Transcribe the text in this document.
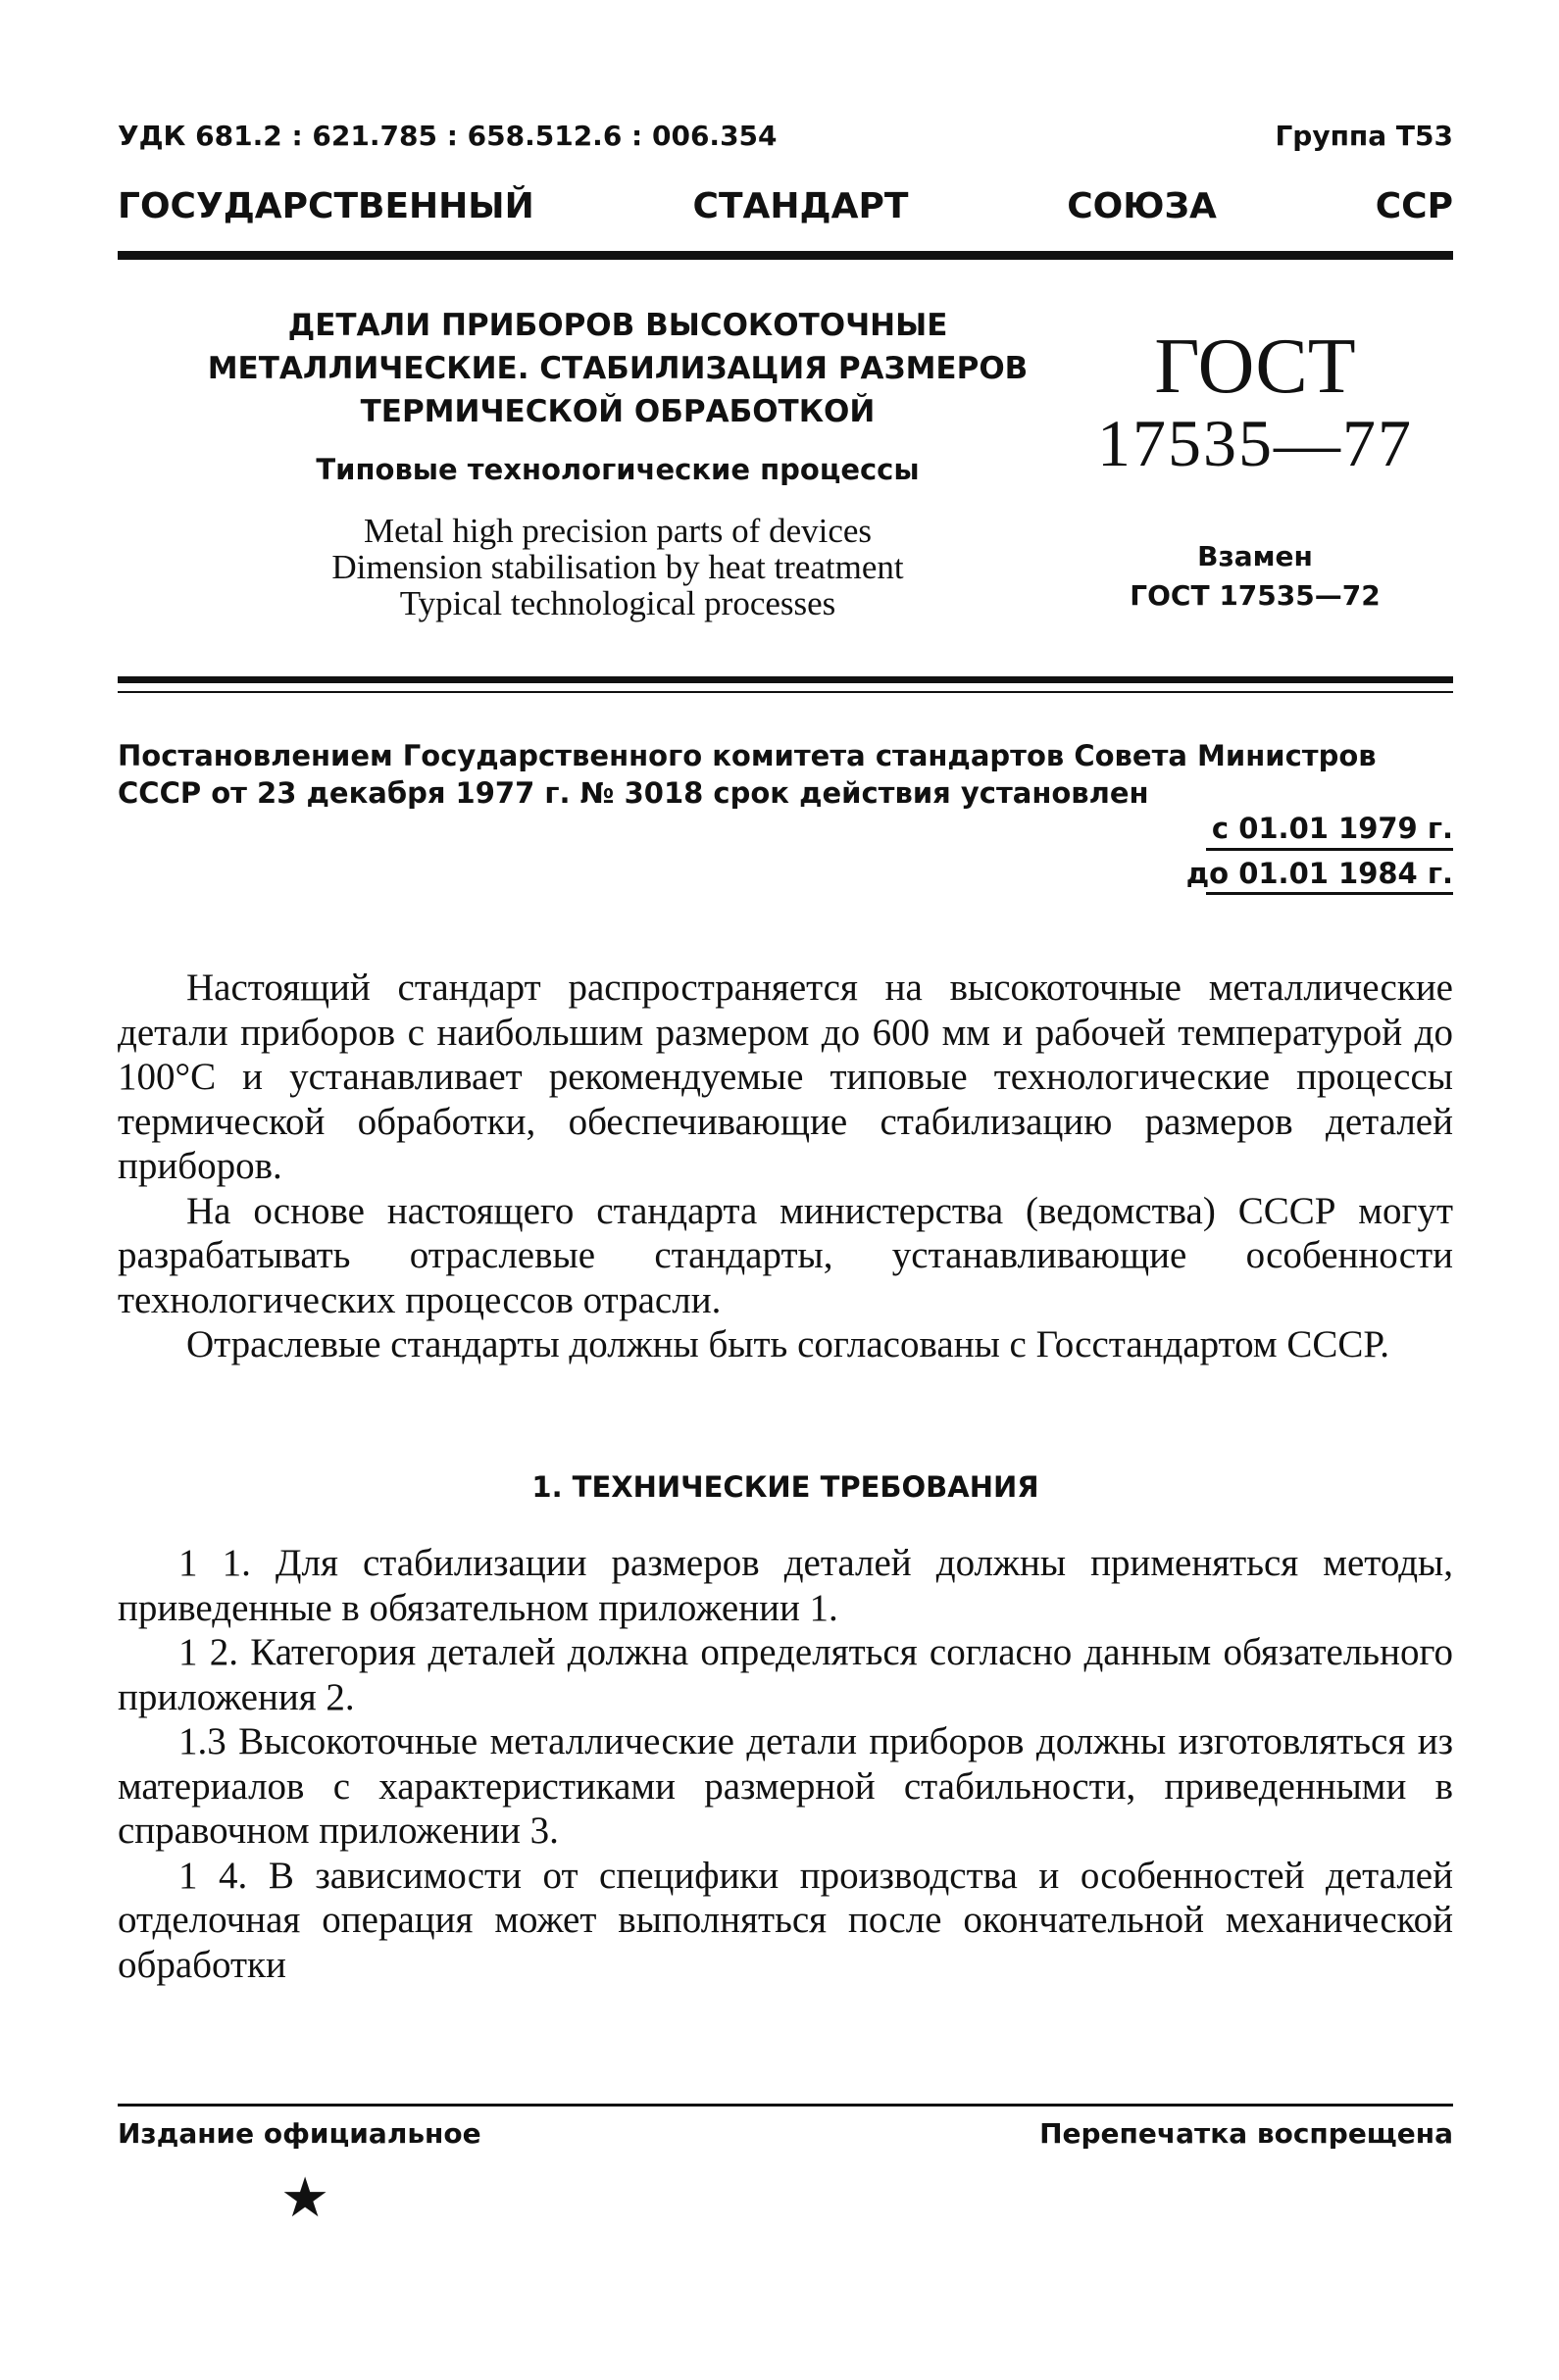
УДК 681.2 : 621.785 : 658.512.6 : 006.354	Группа Т53
ГОСУДАРСТВЕННЫЙ	СТАНДАРТ	СОЮЗА	ССР
ДЕТАЛИ ПРИБОРОВ ВЫСОКОТОЧНЫЕ
МЕТАЛЛИЧЕСКИЕ. СТАБИЛИЗАЦИЯ РАЗМЕРОВ
ТЕРМИЧЕСКОЙ ОБРАБОТКОЙ
Типовые технологические процессы
Metal high precision parts of devices
Dimension stabilisation by heat treatment
Typical technological processes
ГОСТ
17535—77
Взамен
ГОСТ 17535—72
Постановлением Государственного комитета стандартов Совета Министров СССР от 23 декабря 1977 г. № 3018 срок действия установлен
с 01.01 1979 г.
до 01.01 1984 г.

Настоящий стандарт распространяется на высокоточные металлические детали приборов с наибольшим размером до 600 мм и рабочей температурой до 100°С и устанавливает рекомендуемые типовые технологические процессы термической обработки, обеспечивающие стабилизацию размеров деталей приборов.

На основе настоящего стандарта министерства (ведомства) СССР могут разрабатывать отраслевые стандарты, устанавливающие особенности технологических процессов отрасли.

Отраслевые стандарты должны быть согласованы с Госстандартом СССР.

1. ТЕХНИЧЕСКИЕ ТРЕБОВАНИЯ

1 1. Для стабилизации размеров деталей должны применяться методы, приведенные в обязательном приложении 1.

1 2. Категория деталей должна определяться согласно данным обязательного приложения 2.

1.3 Высокоточные металлические детали приборов должны изготовляться из материалов с характеристиками размерной стабильности, приведенными в справочном приложении 3.

1 4. В зависимости от специфики производства и особенностей деталей отделочная операция может выполняться после окончательной механической обработки

Издание официальное	Перепечатка воспрещена
★
